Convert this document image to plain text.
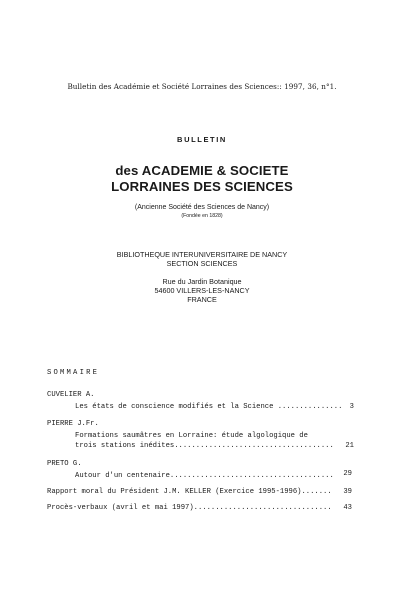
Bulletin des Académie et Société Lorraines des Sciences:: 1997, 36, n°1.
BULLETIN
des ACADEMIE & SOCIETE
LORRAINES DES SCIENCES
(Ancienne Société des Sciences de Nancy)
(Fondée en 1828)
BIBLIOTHEQUE INTERUNIVERSITAIRE DE NANCY
SECTION SCIENCES
Rue du Jardin Botanique
54600 VILLERS-LES-NANCY
FRANCE
SOMMAIRE
CUVELIER A.
Les états de conscience modifiés et la Science ...............	3
PIERRE J.Fr.
Formations saumâtres en Lorraine: étude algologique de
trois stations inédites.....................................	21
PRETO G.
Autour d'un centenaire......................................	29
Rapport moral du Président J.M. KELLER (Exercice 1995-1996).......	39
Procès-verbaux (avril et mai 1997)................................	43
